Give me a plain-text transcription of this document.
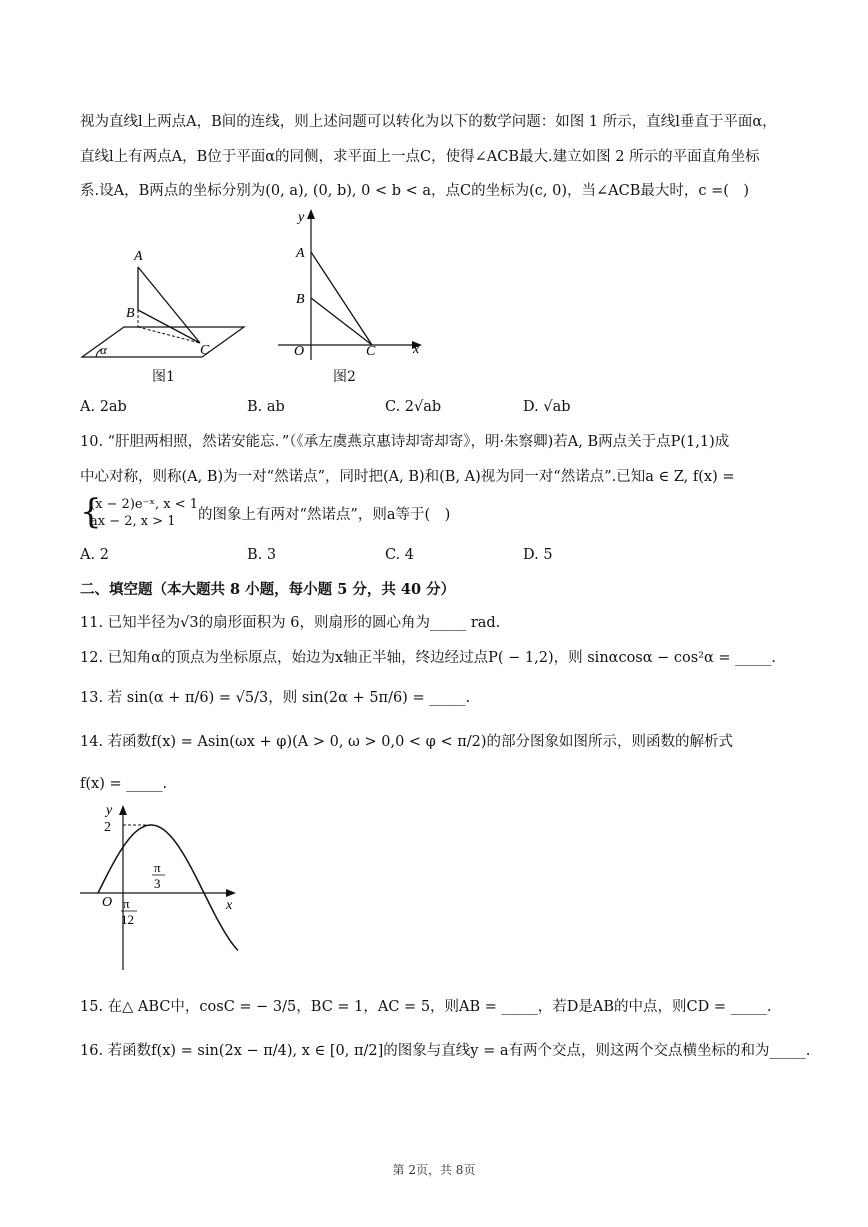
视为直线l上两点A，B间的连线，则上述问题可以转化为以下的数学问题：如图 1 所示，直线l垂直于平面α，
直线l上有两点A，B位于平面α的同侧，求平面上一点C，使得∠ACB最大.建立如图 2 所示的平面直角坐标
系.设A，B两点的坐标分别为(0, a), (0, b), 0 < b < a，点C的坐标为(c, 0)，当∠ACB最大时，c =(　)
A
B
C
α
图1
y
A
B
O	C	x
图2
A. 2ab	B. ab	C. 2√ab	D. √ab
10. “肝胆两相照，然诺安能忘．”（《承左虞燕京惠诗却寄却寄》，明·朱察卿)若A, B两点关于点P(1,1)成
中心对称，则称(A, B)为一对“然诺点”，同时把(A, B)和(B, A)视为同一对“然诺点”.已知a ∈ Z, f(x) =
{
(x − 2)e⁻ˣ, x < 1
ax − 2, x > 1 的图象上有两对“然诺点”，则a等于(　)
A. 2	B. 3	C. 4	D. 5
二、填空题（本大题共 8 小题，每小题 5 分，共 40 分）
11. 已知半径为√3的扇形面积为 6，则扇形的圆心角为_____ rad.
12. 已知角α的顶点为坐标原点，始边为x轴正半轴，终边经过点P( − 1,2)，则 sinαcosα − cos²α = _____.
13. 若 sin(α + π/6) = √5/3，则 sin(2α + 5π/6) = _____.
14. 若函数f(x) = Asin(ωx + φ)(A > 0, ω > 0,0 < φ < π/2)的部分图象如图所示，则函数的解析式
f(x) = _____.
y
2
O	x
π
3
π
12
15. 在△ ABC中，cosC = − 3/5，BC = 1，AC = 5，则AB = _____，若D是AB的中点，则CD = _____.
16. 若函数f(x) = sin(2x − π/4), x ∈ [0, π/2]的图象与直线y = a有两个交点，则这两个交点横坐标的和为_____.
第 2页，共 8页
